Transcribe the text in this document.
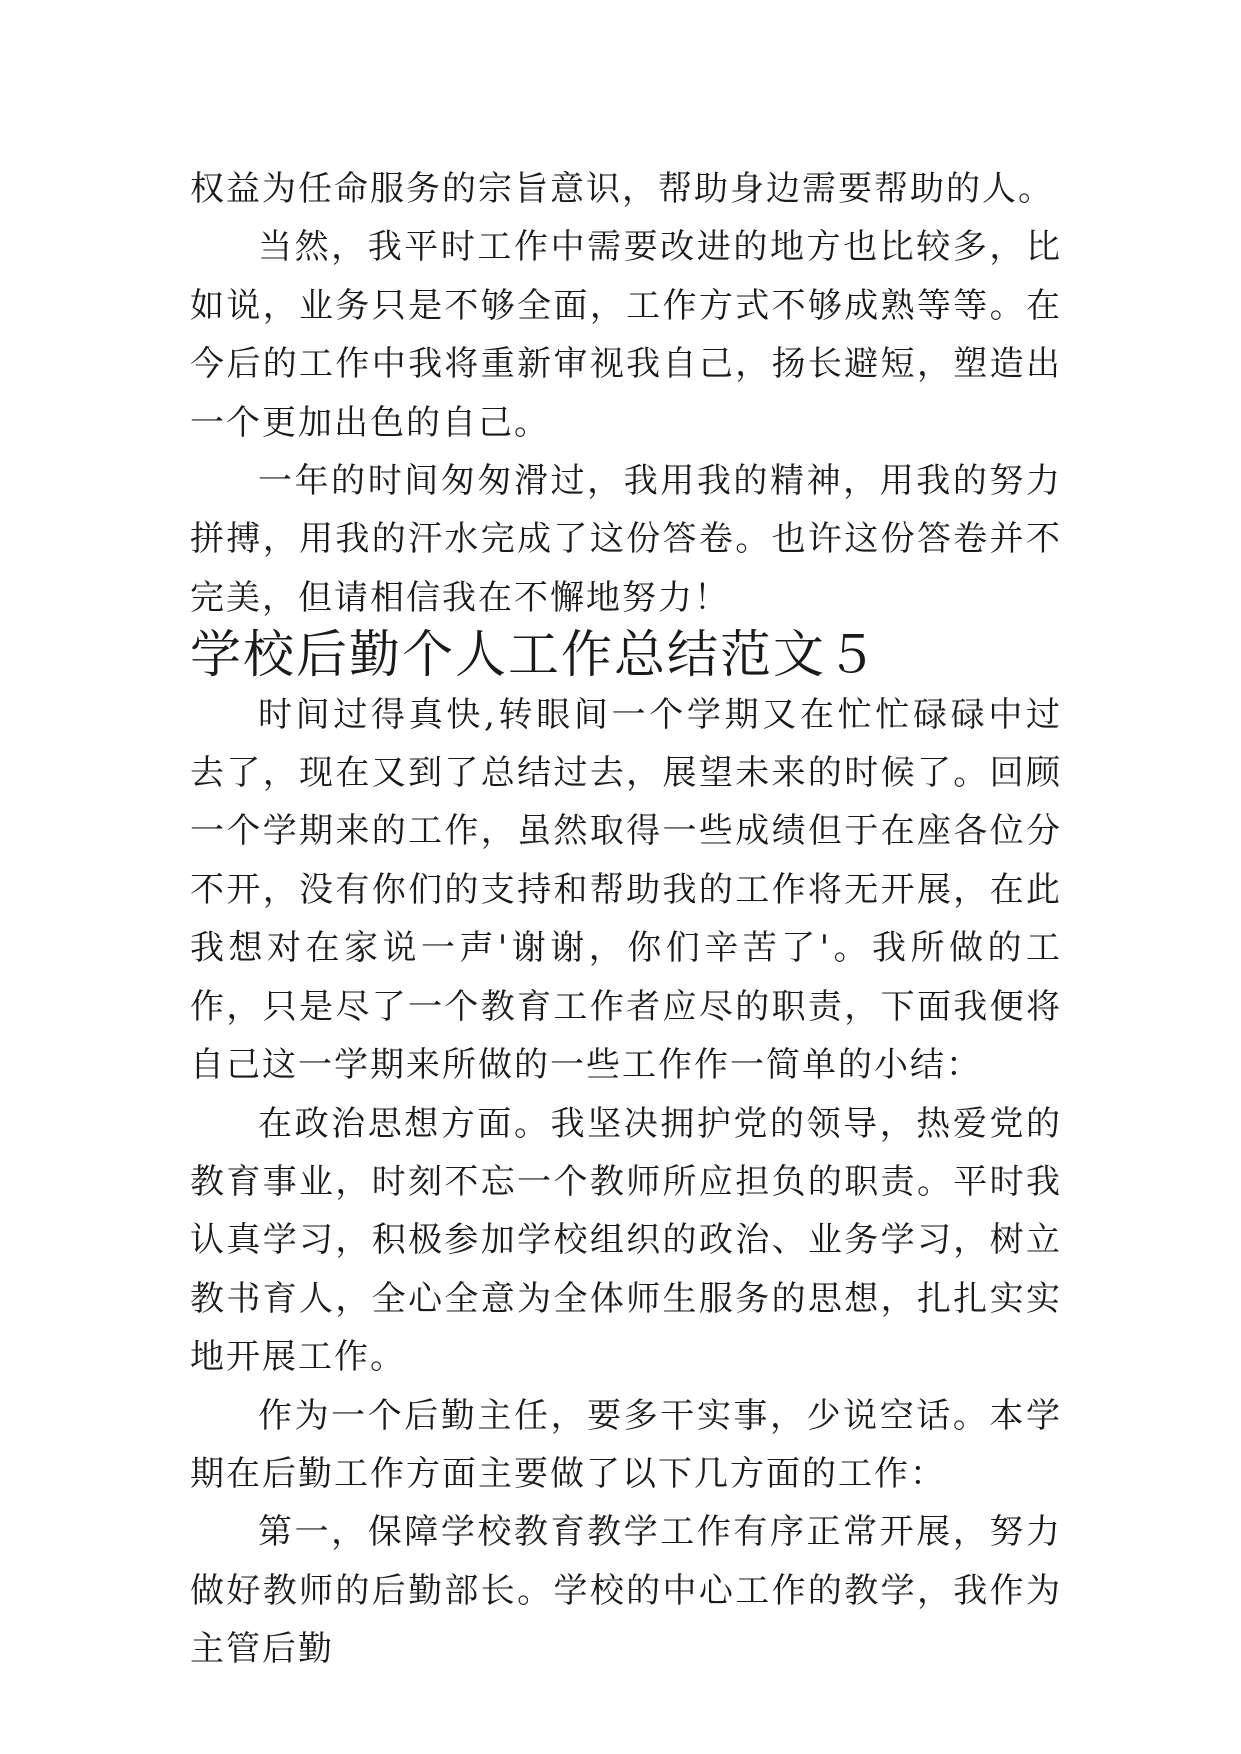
权益为任命服务的宗旨意识，帮助身边需要帮助的人。

当然，我平时工作中需要改进的地方也比较多，比如说，业务只是不够全面，工作方式不够成熟等等。在今后的工作中我将重新审视我自己，扬长避短，塑造出一个更加出色的自己。

一年的时间匆匆滑过，我用我的精神，用我的努力拼搏，用我的汗水完成了这份答卷。也许这份答卷并不完美，但请相信我在不懈地努力！

学校后勤个人工作总结范文５

时间过得真快,转眼间一个学期又在忙忙碌碌中过去了，现在又到了总结过去，展望未来的时候了。回顾一个学期来的工作，虽然取得一些成绩但于在座各位分不开，没有你们的支持和帮助我的工作将无开展，在此我想对在家说一声'谢谢，你们辛苦了'。我所做的工作，只是尽了一个教育工作者应尽的职责，下面我便将自己这一学期来所做的一些工作作一简单的小结：

在政治思想方面。我坚决拥护党的领导，热爱党的教育事业，时刻不忘一个教师所应担负的职责。平时我认真学习，积极参加学校组织的政治、业务学习，树立教书育人，全心全意为全体师生服务的思想，扎扎实实地开展工作。

作为一个后勤主任，要多干实事，少说空话。本学期在后勤工作方面主要做了以下几方面的工作：

第一，保障学校教育教学工作有序正常开展，努力做好教师的后勤部长。学校的中心工作的教学，我作为主管后勤
